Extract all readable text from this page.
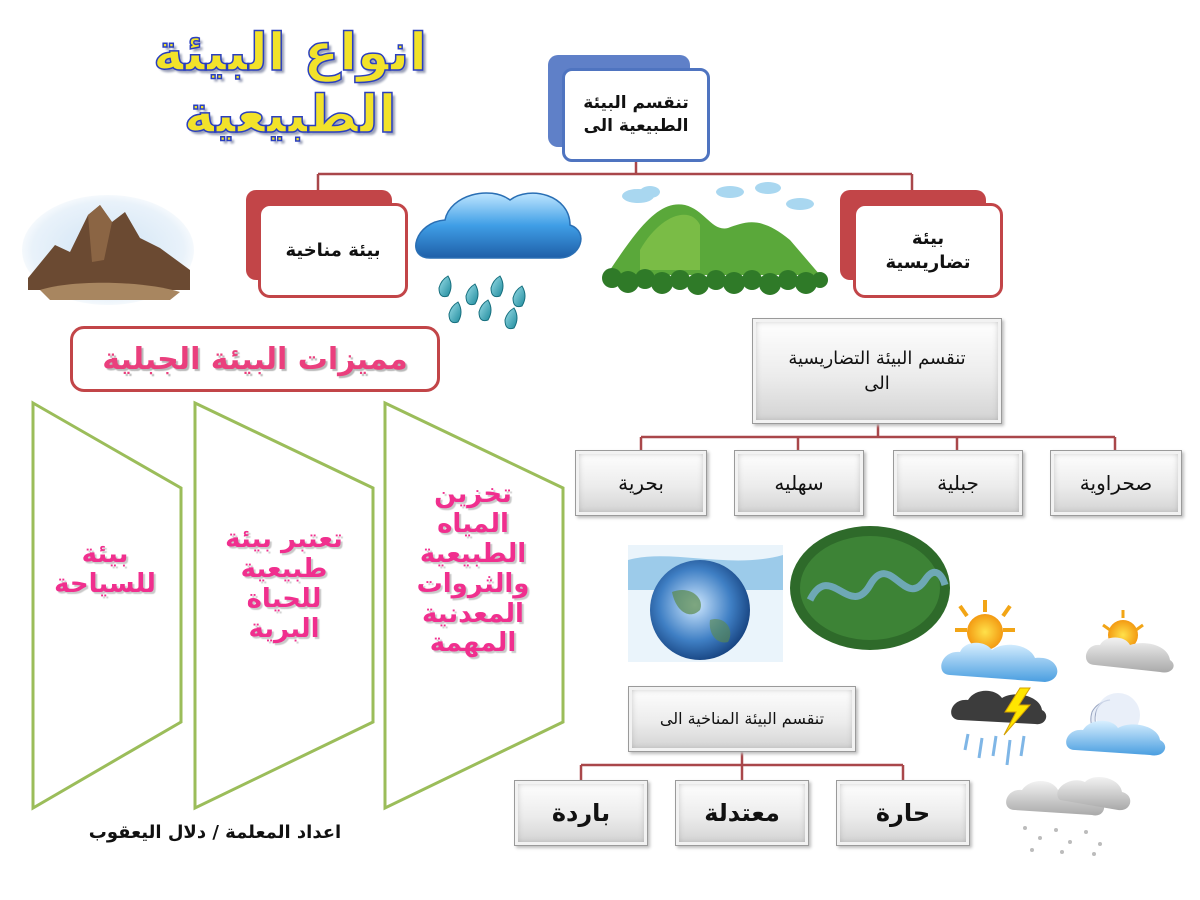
انواع البيئة الطبيعية	تنقسم البيئة الطبيعية الى
بيئة مناخية
بيئة تضاريسية
مميزات البيئة الجبلية
تخزين المياه الطبيعية والثروات المعدنية المهمة
تعتبر بيئة طبيعية للحياة البرية
بيئة للسياحة
تنقسم البيئة التضاريسية الى
صحراوية
جبلية
سهليه
بحرية
تنقسم البيئة المناخية الى
حارة
معتدلة
باردة
اعداد المعلمة / دلال اليعقوب
